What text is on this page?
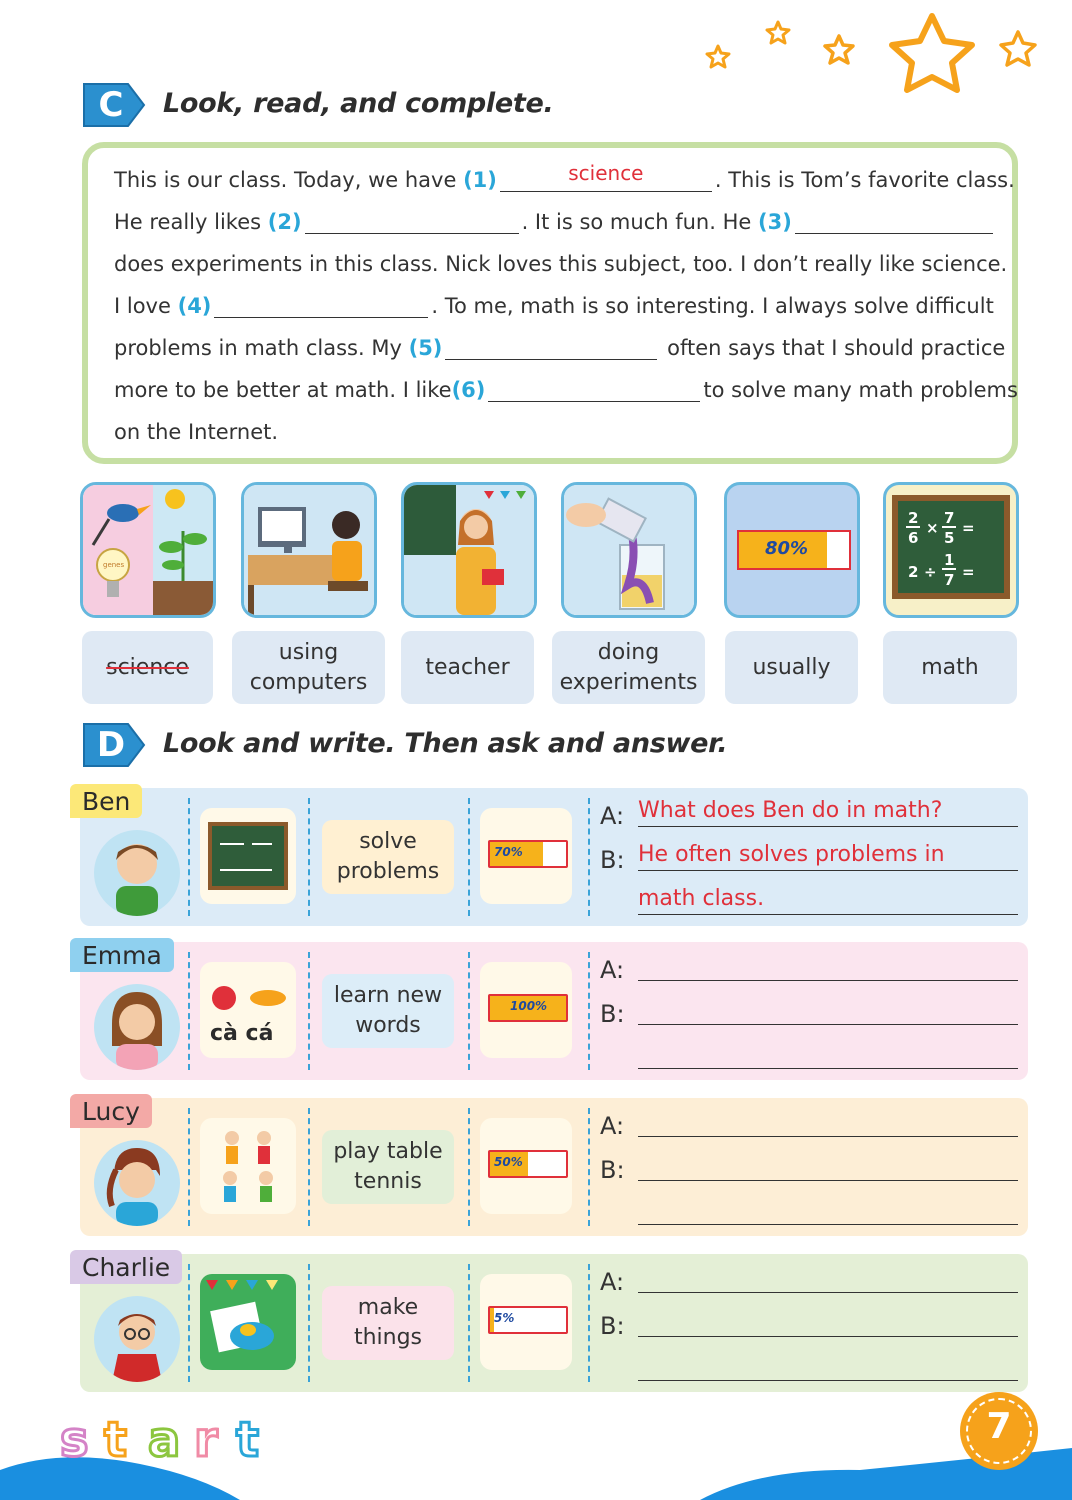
C Look, read, and complete.
This is our class. Today, we have
(1)	science	. This is Tom’s favorite class.
He really likes
(2)	. It is so much fun. He
(3)
does experiments in this class. Nick loves this subject, too. I don’t really like science.
I love
(4)	. To me, math is so interesting. I always solve difficult
problems in math class. My
(5)
	often says that I should practice
more to be better at math. I like (6)	to solve many math problems
on the Internet.
genes
80%
2
6
×
7
5
=
2 ÷
1
7 =
science
using
computers
teacher
doing
experiments
usually	math
D Look and write. Then ask and answer.
Ben
solve
problems
70%
A: What does Ben do in math?
B: He often solves problems in
math class.
Emma
cà cá
learn new
words
100%
A:
B:
Lucy
play table
tennis
50%
A:
B:
Charlie
make
things
5%
A:
B:
s t a r t	7
